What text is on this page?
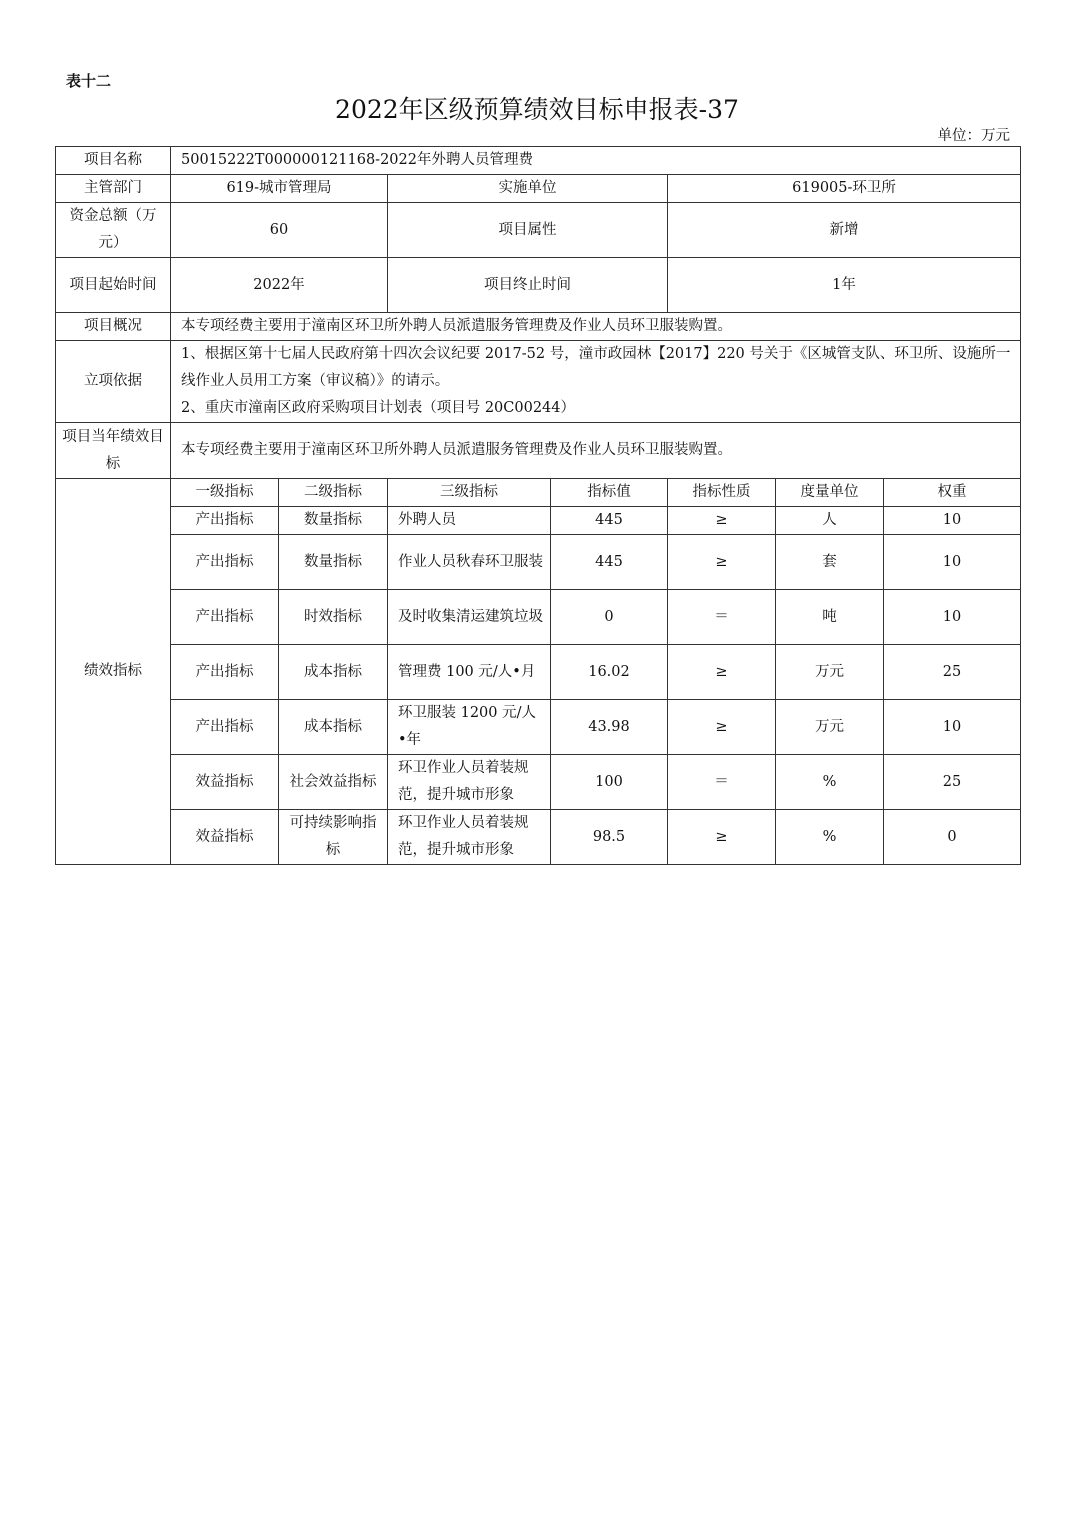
表十二
2022年区级预算绩效目标申报表-37
单位：万元
项目名称	50015222T000000121168-2022年外聘人员管理费						
主管部门	619-城市管理局		实施单位		619005-环卫所		
资金总额（万元）	60		项目属性		新增		
项目起始时间	2022年		项目终止时间		1年		
项目概况	本专项经费主要用于潼南区环卫所外聘人员派遣服务管理费及作业人员环卫服装购置。						
立项依据	1、根据区第十七届人民政府第十四次会议纪要 2017-52 号，潼市政园林【2017】220 号关于《区城管支队、环卫所、设施所一线作业人员用工方案（审议稿）》的请示。
2、重庆市潼南区政府采购项目计划表（项目号 20C00244）						

项目当年绩效目标	本专项经费主要用于潼南区环卫所外聘人员派遣服务管理费及作业人员环卫服装购置。						
绩效指标	一级指标	二级指标	三级指标	指标值	指标性质	度量单位	权重
	产出指标	数量指标	外聘人员	445	≥	人	10
	产出指标	数量指标	作业人员秋春环卫服装	445	≥	套	10
	产出指标	时效指标	及时收集清运建筑垃圾	0	＝	吨	10
	产出指标	成本指标	管理费 100 元/人•月	16.02	≥	万元	25
	产出指标	成本指标	环卫服装 1200 元/人•年	43.98	≥	万元	10
	效益指标	社会效益指标	环卫作业人员着装规范，提升城市形象	100	＝	%	25
	效益指标	可持续影响指标	环卫作业人员着装规范，提升城市形象	98.5	≥	%	0
